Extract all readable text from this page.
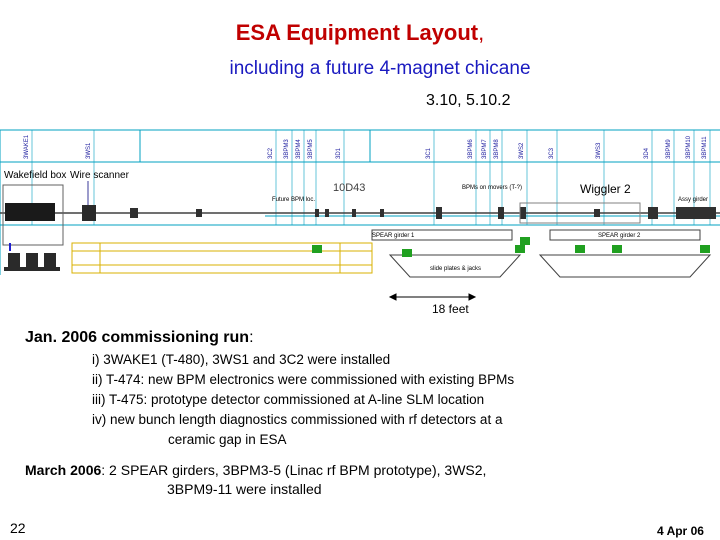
ESA Equipment Layout,
including a future 4-magnet chicane
3.10, 5.10.2
3WAKE1	3WS1	3C2 3BPM3 3BPM4 3BPM5	3D1	3C1	3BPM6 3BPM7 3BPM8	3WS2	3C3	3WS3	3D4	3BPM9 3BPM10 3BPM11
Wakefield box Wire scanner
Future BPM loc.
10D43	BPMs on movers (T-?)	Wiggler 2
Assy girder
SPEAR girder 1	SPEAR girder 2
slide plates & jacks
18 feet
Jan. 2006 commissioning run:
i) 3WAKE1 (T-480), 3WS1 and 3C2 were installed
ii) T-474: new BPM electronics were commissioned with existing BPMs
iii) T-475: prototype detector commissioned at A-line SLM location
iv) new bunch length diagnostics commissioned with rf detectors at a
ceramic gap in ESA
March 2006: 2 SPEAR girders, 3BPM3-5 (Linac rf BPM prototype), 3WS2,
3BPM9-11 were installed
22	4 Apr 06
